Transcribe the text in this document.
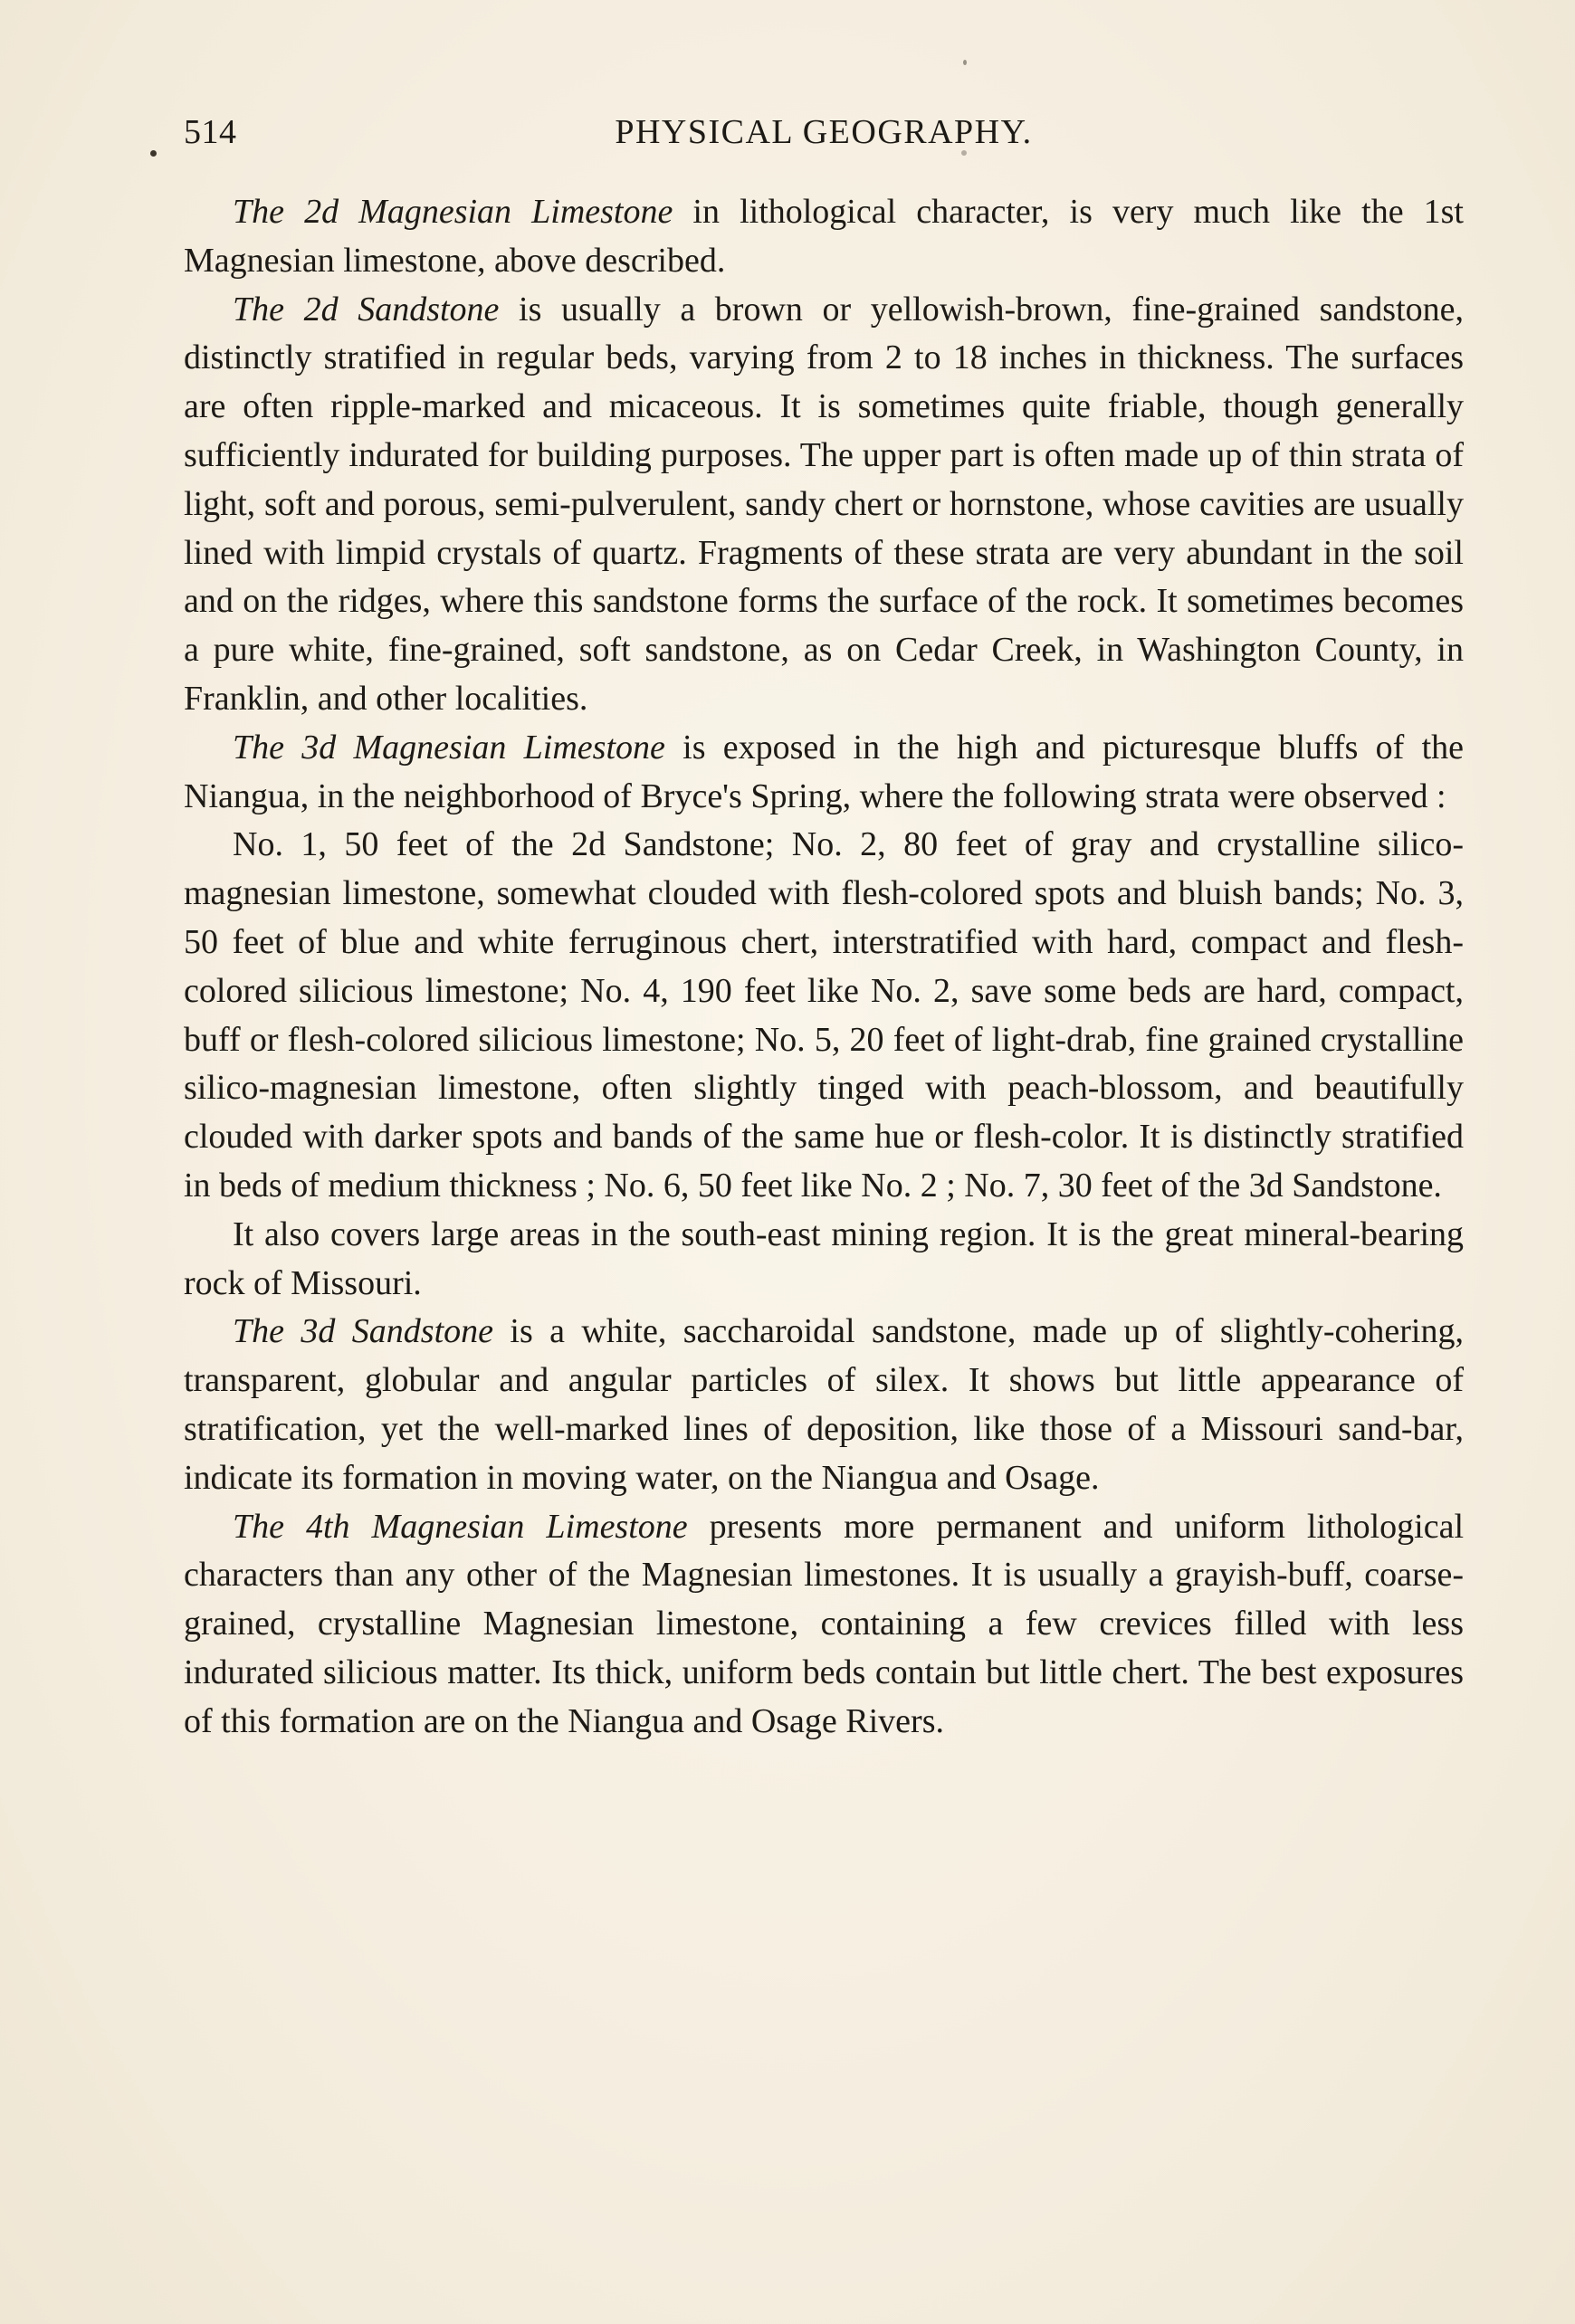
514	PHYSICAL GEOGRAPHY.

The 2d Magnesian Limestone in lithological character, is very much like the 1st Magnesian limestone, above described.

The 2d Sandstone is usually a brown or yellowish-brown, fine-grained sandstone, distinctly stratified in regular beds, varying from 2 to 18 inches in thickness. The surfaces are often ripple-marked and micaceous. It is sometimes quite friable, though generally sufficiently indurated for building purposes. The upper part is often made up of thin strata of light, soft and porous, semi-pulverulent, sandy chert or hornstone, whose cavities are usually lined with limpid crystals of quartz. Fragments of these strata are very abundant in the soil and on the ridges, where this sandstone forms the surface of the rock. It sometimes becomes a pure white, fine-grained, soft sandstone, as on Cedar Creek, in Washington County, in Franklin, and other localities.

The 3d Magnesian Limestone is exposed in the high and picturesque bluffs of the Niangua, in the neighborhood of Bryce's Spring, where the following strata were observed :

No. 1, 50 feet of the 2d Sandstone; No. 2, 80 feet of gray and crystalline silico-magnesian limestone, somewhat clouded with flesh-colored spots and bluish bands; No. 3, 50 feet of blue and white ferruginous chert, interstratified with hard, compact and flesh-colored silicious limestone; No. 4, 190 feet like No. 2, save some beds are hard, compact, buff or flesh-colored silicious limestone; No. 5, 20 feet of light-drab, fine grained crystalline silico-magnesian limestone, often slightly tinged with peach-blossom, and beautifully clouded with darker spots and bands of the same hue or flesh-color. It is distinctly stratified in beds of medium thickness ; No. 6, 50 feet like No. 2 ; No. 7, 30 feet of the 3d Sandstone.

It also covers large areas in the south-east mining region. It is the great mineral-bearing rock of Missouri.

The 3d Sandstone is a white, saccharoidal sandstone, made up of slightly-cohering, transparent, globular and angular particles of silex. It shows but little appearance of stratification, yet the well-marked lines of deposition, like those of a Missouri sand-bar, indicate its formation in moving water, on the Niangua and Osage.

The 4th Magnesian Limestone presents more permanent and uniform lithological characters than any other of the Magnesian limestones. It is usually a grayish-buff, coarse-grained, crystalline Magnesian limestone, containing a few crevices filled with less indurated silicious matter. Its thick, uniform beds contain but little chert. The best exposures of this formation are on the Niangua and Osage Rivers.
